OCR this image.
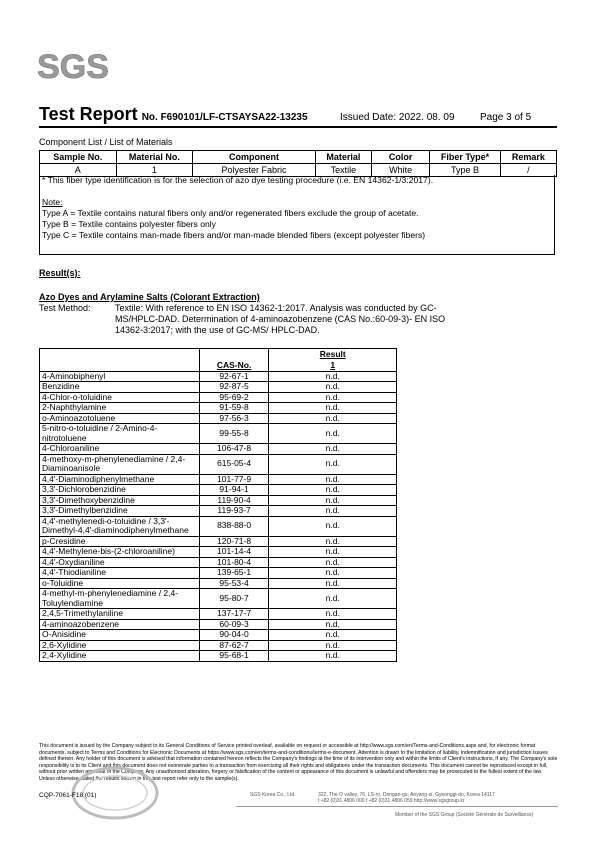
SGS
Test Report No. F690101/LF-CTSAYSA22-13235	Issued Date: 2022. 08. 09	Page 3 of 5
Component List / List of Materials
Sample No.	Material No.	Component	Material	Color	Fiber Type*	Remark
A	1	Polyester Fabric	Textile	White	Type B	/
* This fiber type identification is for the selection of azo dye testing procedure (i.e. EN 14362-1/3:2017).
Note:
Type A = Textile contains natural fibers only and/or regenerated fibers exclude the group of acetate.
Type B = Textile contains polyester fibers only
Type C = Textile contains man-made fibers and/or man-made blended fibers (except polyester fibers)
Result(s):
Azo Dyes and Arylamine Salts (Colorant Extraction)
Test Method:	Textile: With reference to EN ISO 14362-1:2017. Analysis was conducted by GC-MS/HPLC-DAD. Determination of 4-aminoazobenzene (CAS No.:60-09-3)- EN ISO 14362-3:2017; with the use of GC-MS/ HPLC-DAD.
		Result
	CAS-No.	1
4-Aminobiphenyl	92-67-1	n.d.
Benzidine	92-87-5	n.d.
4-Chlor-o-toluidine	95-69-2	n.d.
2-Naphthylamine	91-59-8	n.d.
o-Aminoazotoluene	97-56-3	n.d.
5-nitro-o-toluidine / 2-Amino-4-nitrotoluene	99-55-8	n.d.
4-Chloroaniline	106-47-8	n.d.
4-methoxy-m-phenylenediamine / 2,4-Diaminoanisole	615-05-4	n.d.
4,4'-Diaminodiphenylmethane	101-77-9	n.d.
3,3'-Dichlorobenzidine	91-94-1	n.d.
3,3'-Dimethoxybenzidine	119-90-4	n.d.
3,3'-Dimethylbenzidine	119-93-7	n.d.
4,4'-methylenedi-o-toluidine / 3,3'-Dimethyl-4,4'-diaminodiphenylmethane	838-88-0	n.d.
p-Cresidine	120-71-8	n.d.
4,4'-Methylene-bis-(2-chloroaniline)	101-14-4	n.d.
4,4'-Oxydianiline	101-80-4	n.d.
4,4'-Thiodianiline	139-65-1	n.d.
o-Toluidine	95-53-4	n.d.
4-methyl-m-phenylenediamine / 2,4-Toluylendiamine	95-80-7	n.d.
2,4,5-Trimethylaniline	137-17-7	n.d.
4-aminoazobenzene	60-09-3	n.d.
O-Anisidine	90-04-0	n.d.
2,6-Xylidine	87-62-7	n.d.
2,4-Xylidine	95-68-1	n.d.
This document is issued by the Company subject to its General Conditions of Service printed overleaf, available on request or accessible at http://www.sgs.com/en/Terms-and-Conditions.aspx and, for electronic format documents, subject to Terms and Conditions for Electronic Documents at https://www.sgs.com/en/terms-and-conditions/terms-e-document. Attention is drawn to the limitation of liability, indemnification and jurisdiction issues defined therein. Any holder of this document is advised that information contained hereon reflects the Company's findings at the time of its intervention only and within the limits of Client's instructions, if any. The Company's sole responsibility is to its Client and this document does not exonerate parties to a transaction from exercising all their rights and obligations under the transaction documents. This document cannot be reproduced except in full, without prior written approval of the Company. Any unauthorized alteration, forgery or falsification of the content or appearance of this document is unlawful and offenders may be prosecuted to the fullest extent of the law. Unless otherwise stated the results shown in this test report refer only to the sample(s).
CQP-7061-F18 (01)	SGS Korea Co., Ltd.	322, The O valley, 76, LS-ro, Dongan-gu, Anyang-si, Gyeonggi-do, Korea 14117
t +82 (0)31 4806 000 f +82 (0)31 4806 059 http://www.sgsgroup.kr
Member of the SGS Group (Société Générale de Surveillance)
